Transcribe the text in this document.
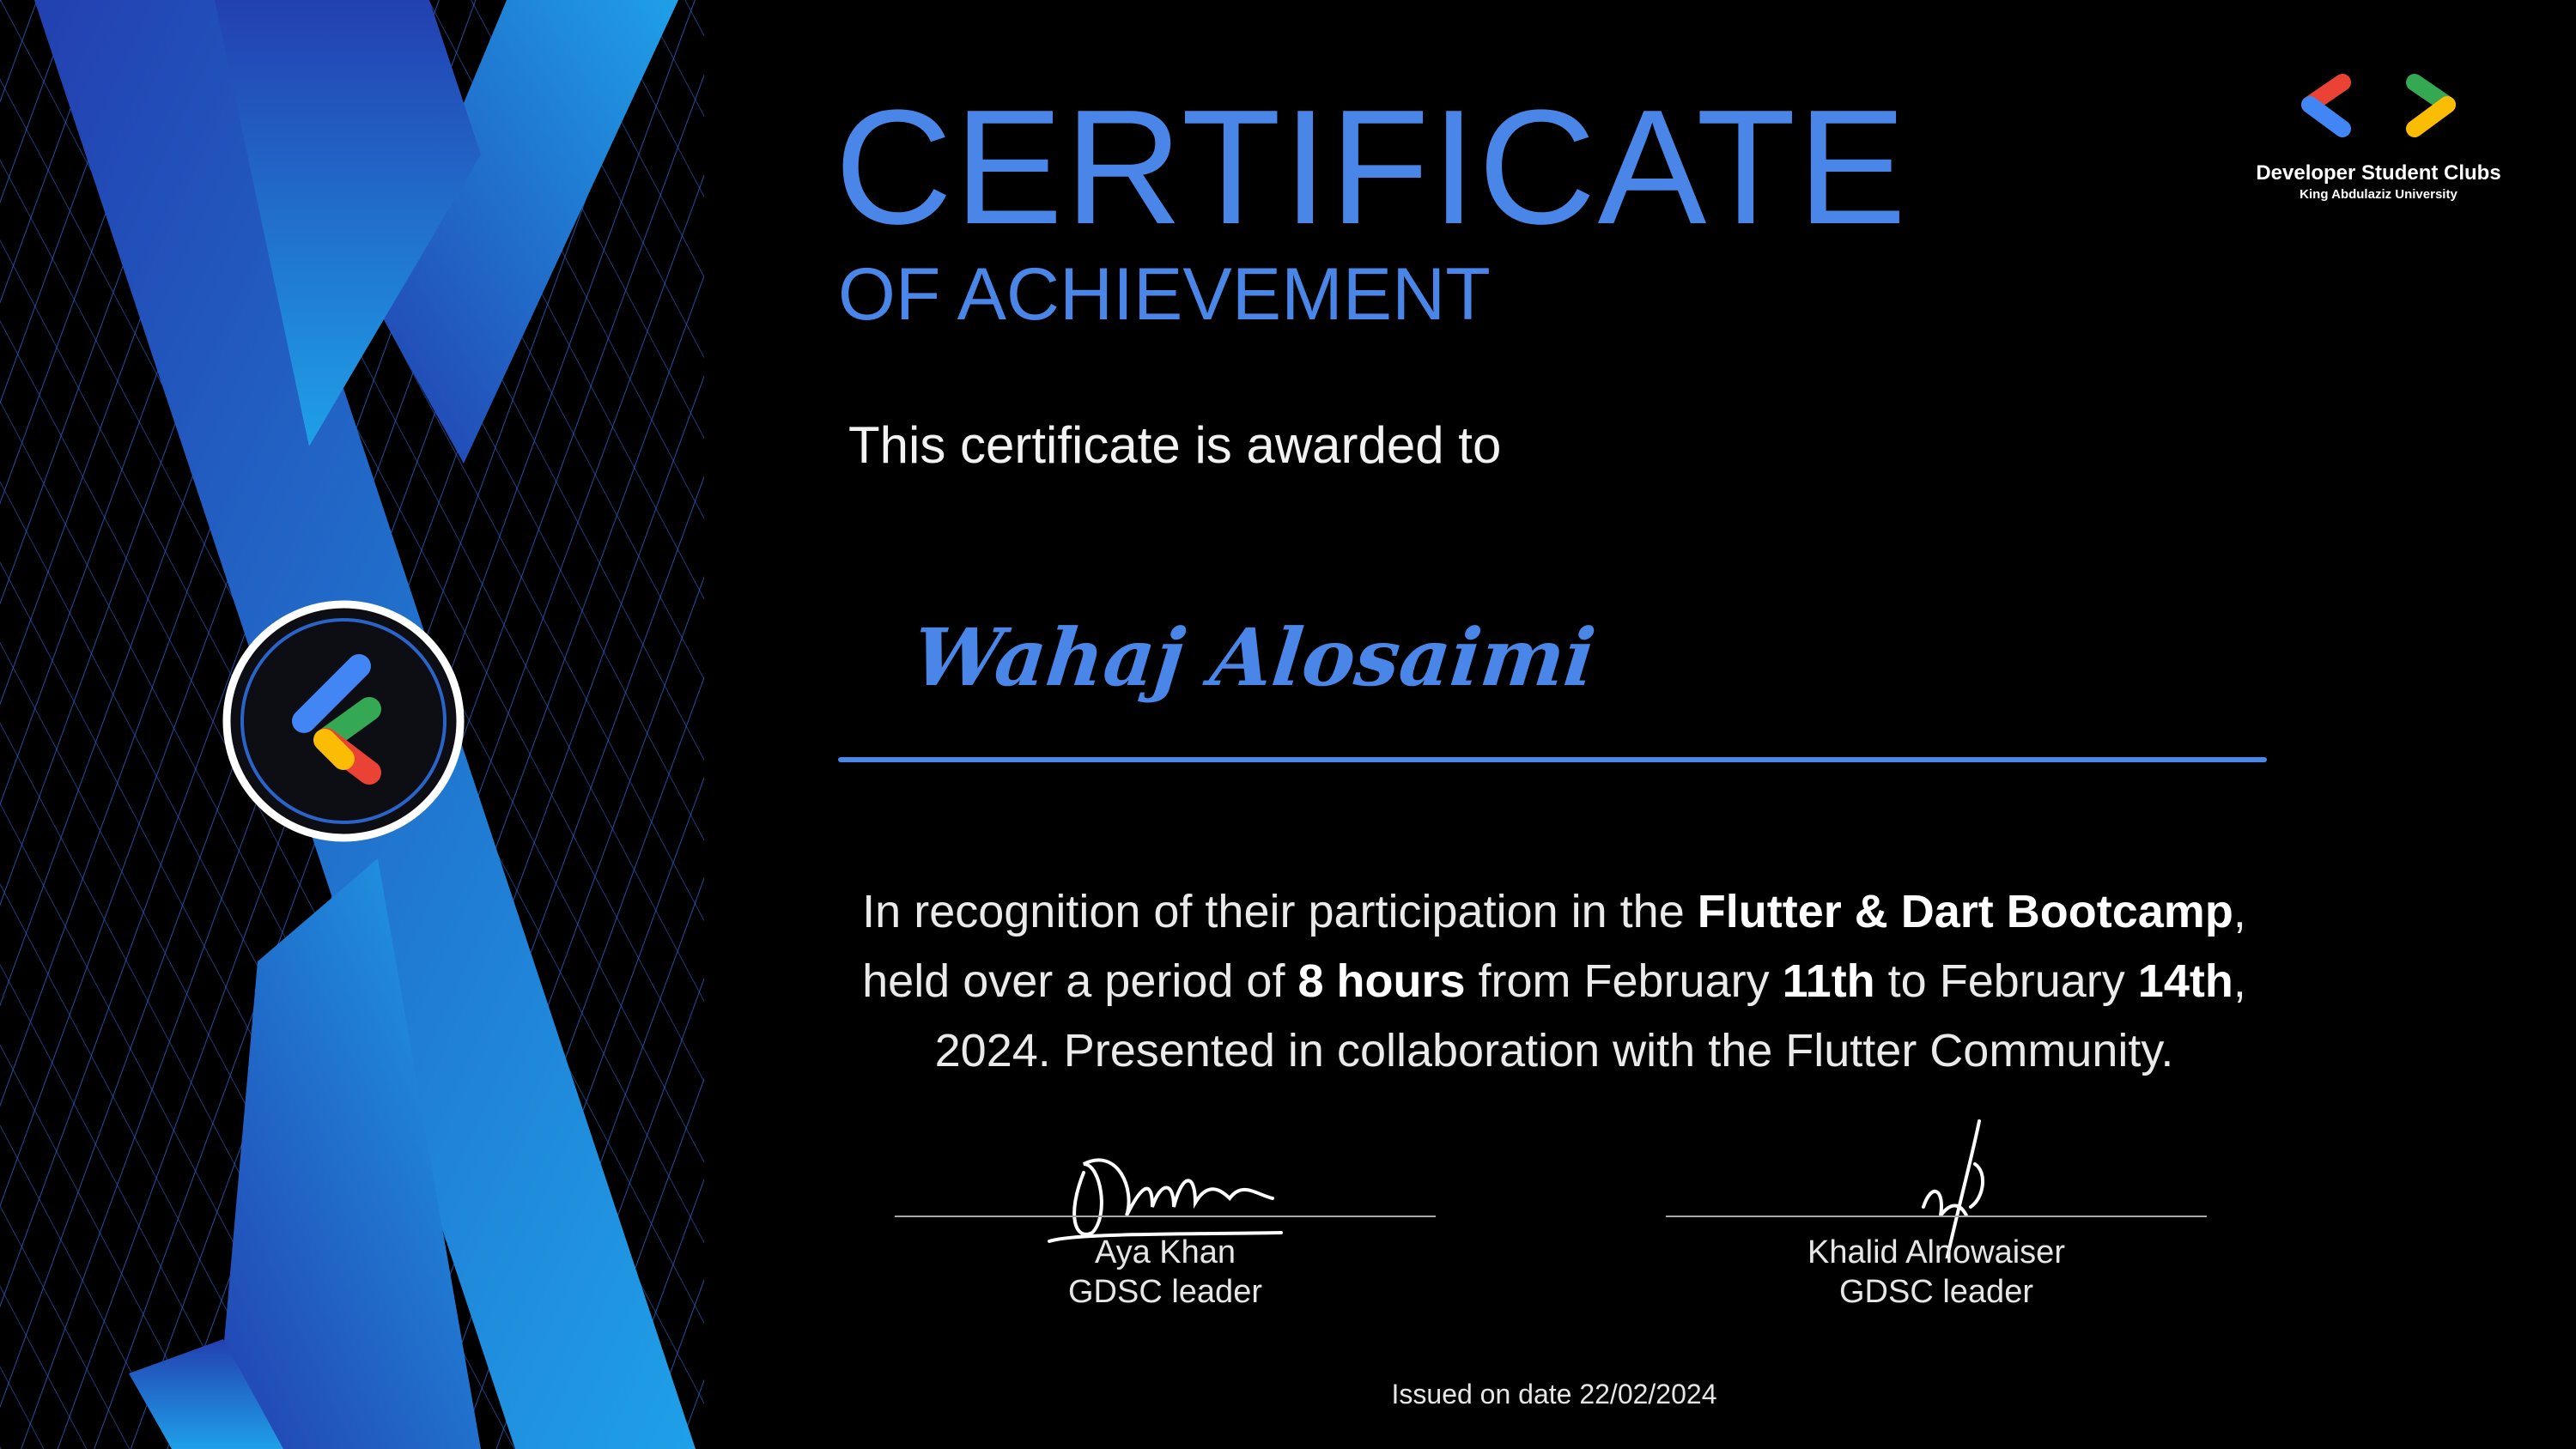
CERTIFICATE
OF ACHIEVEMENT
This certificate is awarded to
Wahaj Alosaimi
In recognition of their participation in the Flutter & Dart Bootcamp,
held over a period of 8 hours from February 11th to February 14th,
2024. Presented in collaboration with the Flutter Community.
Aya Khan
GDSC leader
Khalid Alnowaiser
GDSC leader
Issued on date 22/02/2024
Developer Student Clubs
King Abdulaziz University
